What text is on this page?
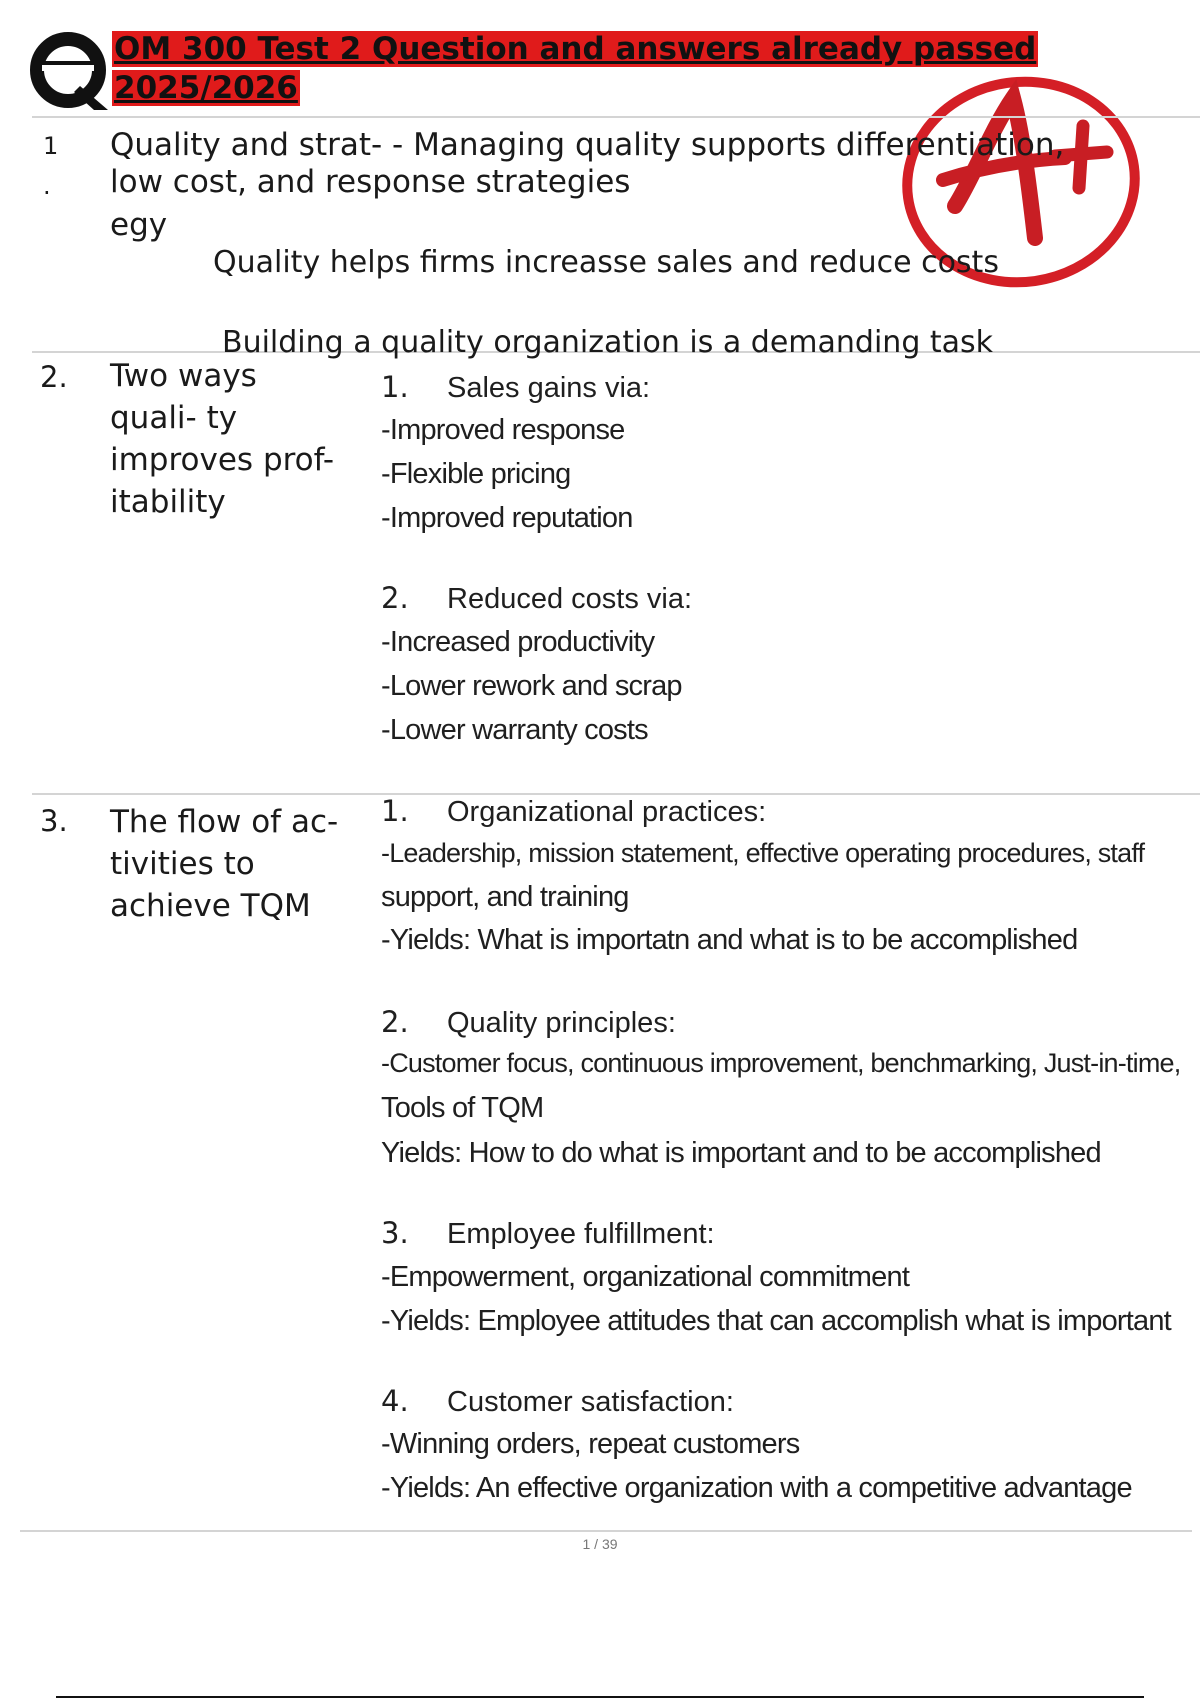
OM 300 Test 2 Question and answers already passed
2025/2026
1
.
Quality and strat- - Managing quality supports differentiation,
low cost, and response strategies
egy
Quality helps firms increasse sales and reduce costs
Building a quality organization is a demanding task
2. Two ways
quali- ty
improves prof-
itability
1. Sales gains via:
-Improved response
-Flexible pricing
-Improved reputation
2. Reduced costs via:
-Increased productivity
-Lower rework and scrap
-Lower warranty costs
3. The flow of ac-
tivities to
achieve TQM
1. Organizational practices:
-Leadership, mission statement, effective operating procedures, staff
support, and training
-Yields: What is importatn and what is to be accomplished
2. Quality principles:
-Customer focus, continuous improvement, benchmarking, Just-in-time,
Tools of TQM
Yields: How to do what is important and to be accomplished
3. Employee fulfillment:
-Empowerment, organizational commitment
-Yields: Employee attitudes that can accomplish what is important
4. Customer satisfaction:
-Winning orders, repeat customers
-Yields: An effective organization with a competitive advantage
1 / 39
